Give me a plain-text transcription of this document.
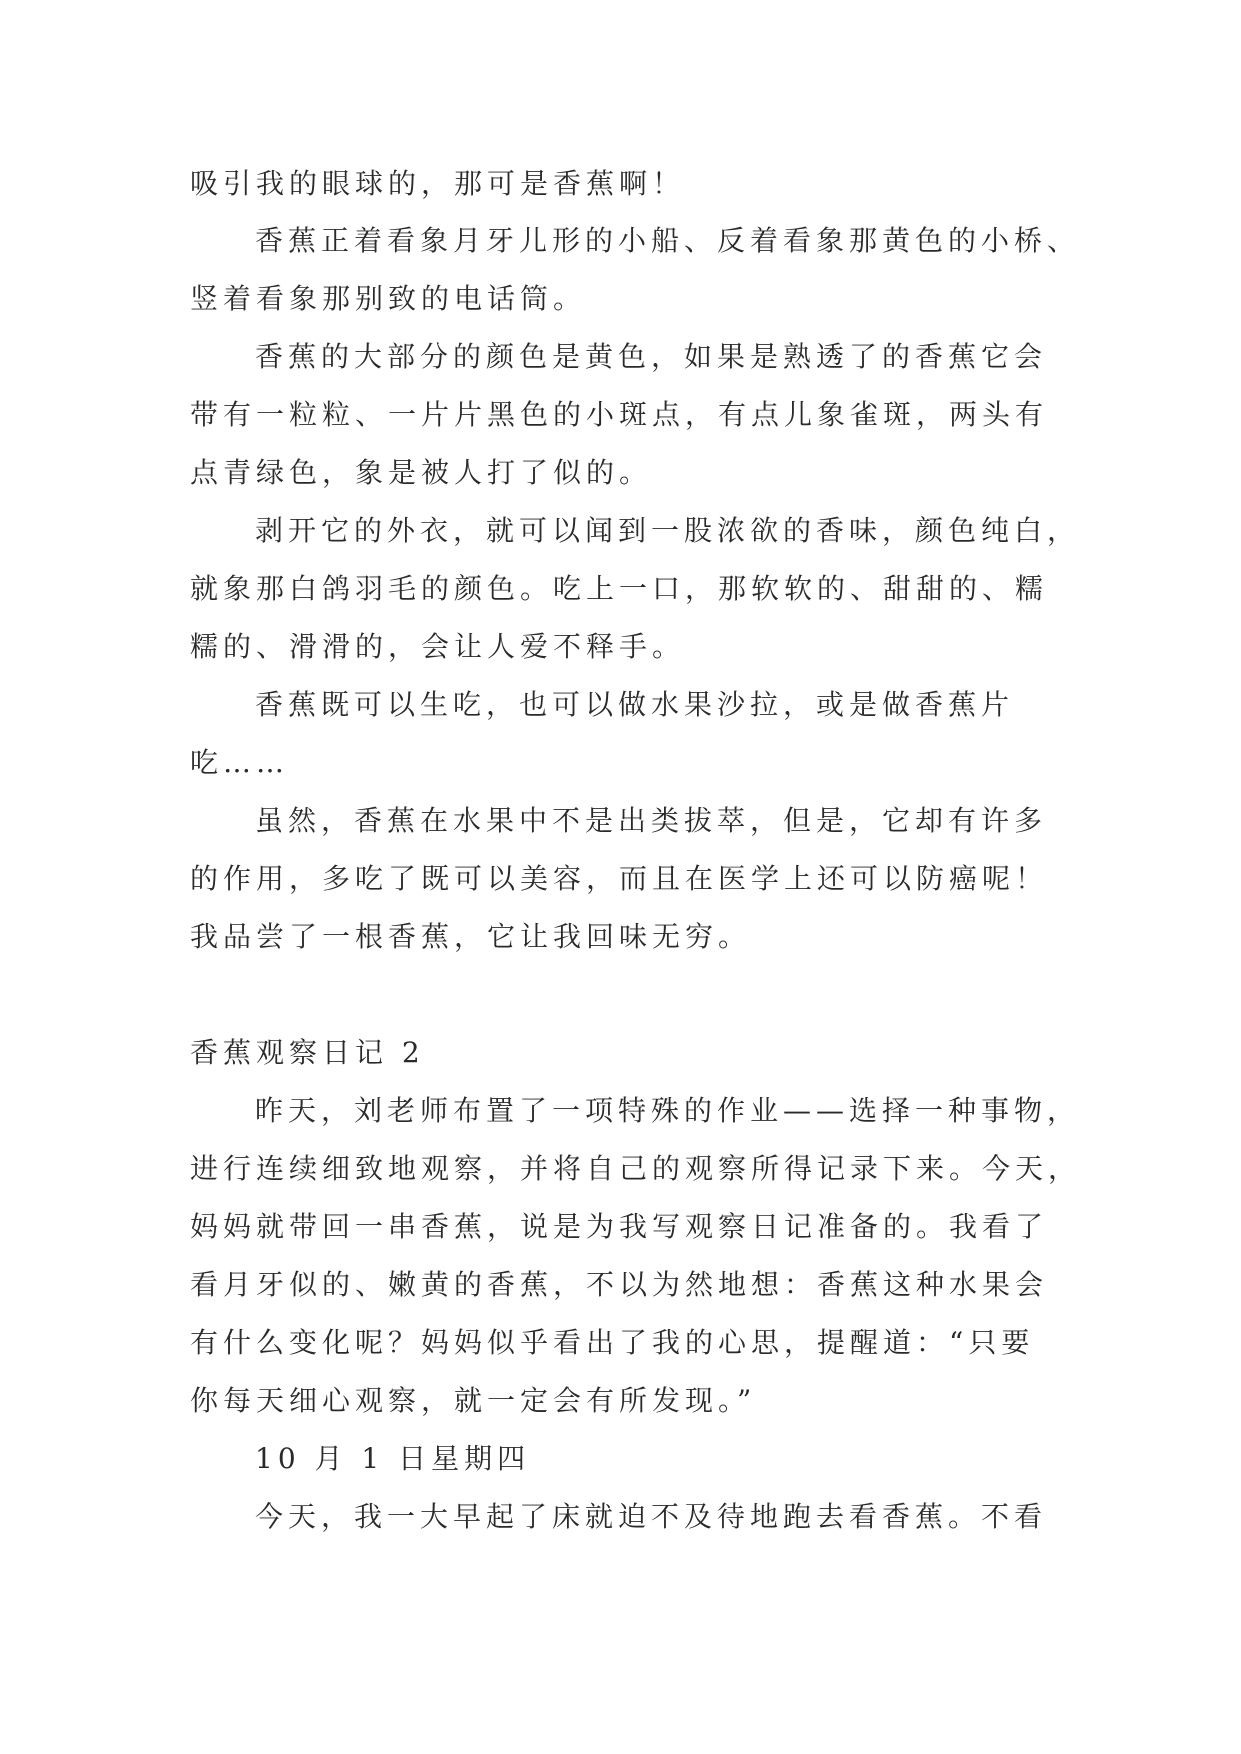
吸引我的眼球的，那可是香蕉啊！

香蕉正着看象月牙儿形的小船、反着看象那黄色的小桥、

竖着看象那别致的电话筒。

香蕉的大部分的颜色是黄色，如果是熟透了的香蕉它会

带有一粒粒、一片片黑色的小斑点，有点儿象雀斑，两头有

点青绿色，象是被人打了似的。

剥开它的外衣，就可以闻到一股浓欲的香味，颜色纯白，

就象那白鸽羽毛的颜色。吃上一口，那软软的、甜甜的、糯

糯的、滑滑的，会让人爱不释手。

香蕉既可以生吃，也可以做水果沙拉，或是做香蕉片

吃……

虽然，香蕉在水果中不是出类拔萃，但是，它却有许多

的作用，多吃了既可以美容，而且在医学上还可以防癌呢！

我品尝了一根香蕉，它让我回味无穷。

香蕉观察日记 2

昨天，刘老师布置了一项特殊的作业——选择一种事物，

进行连续细致地观察，并将自己的观察所得记录下来。今天，

妈妈就带回一串香蕉，说是为我写观察日记准备的。我看了

看月牙似的、嫩黄的香蕉，不以为然地想：香蕉这种水果会

有什么变化呢？妈妈似乎看出了我的心思，提醒道：“只要

你每天细心观察，就一定会有所发现。”

10 月 1 日星期四

今天，我一大早起了床就迫不及待地跑去看香蕉。不看
